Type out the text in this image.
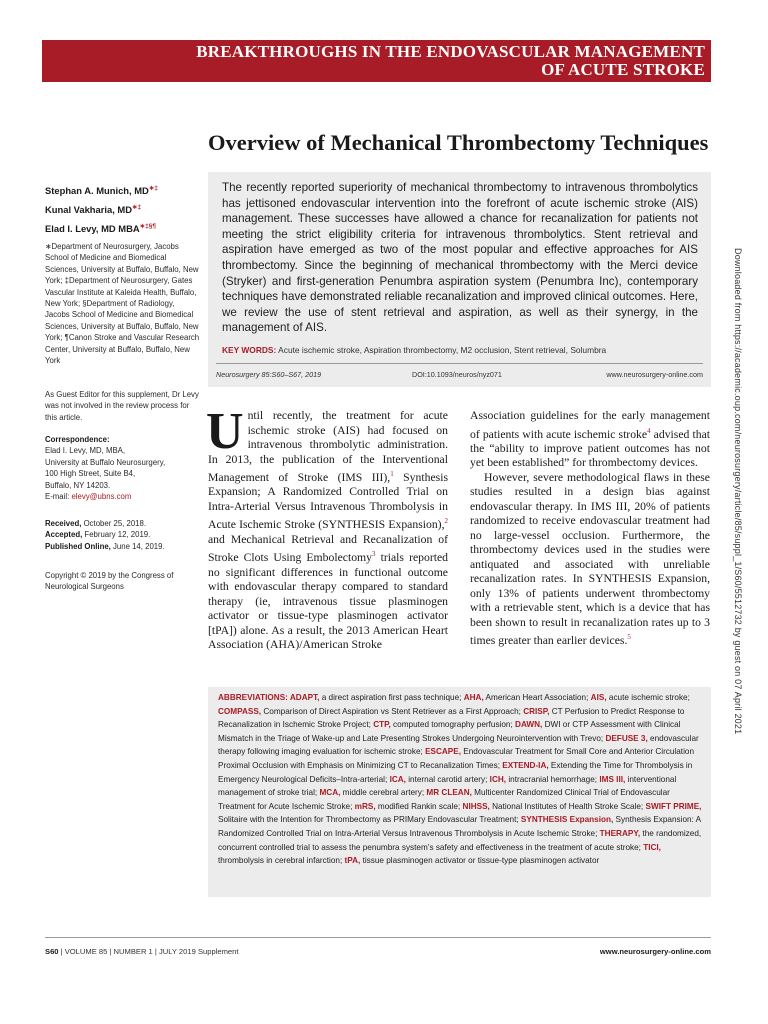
BREAKTHROUGHS IN THE ENDOVASCULAR MANAGEMENT
OF ACUTE STROKE
Overview of Mechanical Thrombectomy Techniques
Stephan A. Munich, MD∗‡
Kunal Vakharia, MD∗‡
Elad I. Levy, MD MBA∗‡§¶
∗Department of Neurosurgery, Jacobs School of Medicine and Biomedical Sciences, University at Buffalo, Buffalo, New York; ‡Department of Neurosurgery, Gates Vascular Institute at Kaleida Health, Buffalo, New York; §Department of Radiology, Jacobs School of Medicine and Biomedical Sciences, University at Buffalo, Buffalo, New York; ¶Canon Stroke and Vascular Research Center, University at Buffalo, Buffalo, New York
As Guest Editor for this supplement, Dr Levy was not involved in the review process for this article.
Correspondence:
Elad I. Levy, MD, MBA,
University at Buffalo Neurosurgery,
100 High Street, Suite B4,
Buffalo, NY 14203.
E-mail: elevy@ubns.com
Received, October 25, 2018.
Accepted, February 12, 2019.
Published Online, June 14, 2019.
Copyright © 2019 by the Congress of Neurological Surgeons
The recently reported superiority of mechanical thrombectomy to intravenous thrombolytics has jettisoned endovascular intervention into the forefront of acute ischemic stroke (AIS) management. These successes have allowed a chance for recanalization for patients not meeting the strict eligibility criteria for intravenous thrombolytics. Stent retrieval and aspiration have emerged as two of the most popular and effective approaches for AIS thrombectomy. Since the beginning of mechanical thrombectomy with the Merci device (Stryker) and first-generation Penumbra aspiration system (Penumbra Inc), contemporary techniques have demonstrated reliable recanalization and improved clinical outcomes. Here, we review the use of stent retrieval and aspiration, as well as their synergy, in the management of AIS.
KEY WORDS: Acute ischemic stroke, Aspiration thrombectomy, M2 occlusion, Stent retrieval, Solumbra
Neurosurgery 85:S60–S67, 2019	DOI:10.1093/neuros/nyz071	www.neurosurgery-online.com
Until recently, the treatment for acute ischemic stroke (AIS) had focused on intravenous thrombolytic administration. In 2013, the publication of the Interventional Management of Stroke (IMS III),$^1$ Synthesis Expansion; A Randomized Controlled Trial on Intra-Arterial Versus Intravenous Thrombolysis in Acute Ischemic Stroke (SYNTHESIS Expansion),$^2$ and Mechanical Retrieval and Recanalization of Stroke Clots Using Embolectomy$^3$ trials reported no significant differences in functional outcome with endovascular therapy compared to standard therapy (ie, intravenous tissue plasminogen activator or tissue-type plasminogen activator [tPA]) alone. As a result, the 2013 American Heart Association (AHA)/American Stroke

Association guidelines for the early management of patients with acute ischemic stroke$^4$ advised that the “ability to improve patient outcomes has not yet been established” for thrombectomy devices.

However, severe methodological flaws in these studies resulted in a design bias against endovascular therapy. In IMS III, 20% of patients randomized to receive endovascular treatment had no large-vessel occlusion. Furthermore, the thrombectomy devices used in the studies were antiquated and associated with unreliable recanalization rates. In SYNTHESIS Expansion, only 13% of patients underwent thrombectomy with a retrievable stent, which is a device that has been shown to result in recanalization rates up to 3 times greater than earlier devices.$^5$

ABBREVIATIONS: ADAPT, a direct aspiration first pass technique; AHA, American Heart Association; AIS, acute ischemic stroke; COMPASS, Comparison of Direct Aspiration vs Stent Retriever as a First Approach; CRISP, CT Perfusion to Predict Response to Recanalization in Ischemic Stroke Project; CTP, computed tomography perfusion; DAWN, DWI or CTP Assessment with Clinical Mismatch in the Triage of Wake-up and Late Presenting Strokes Undergoing Neurointervention with Trevo; DEFUSE 3, endovascular therapy following imaging evaluation for ischemic stroke; ESCAPE, Endovascular Treatment for Small Core and Anterior Circulation Proximal Occlusion with Emphasis on Minimizing CT to Recanalization Times; EXTEND-IA, Extending the Time for Thrombolysis in Emergency Neurological Deficits–Intra-arterial; ICA, internal carotid artery; ICH, intracranial hemorrhage; IMS III, interventional management of stroke trial; MCA, middle cerebral artery; MR CLEAN, Multicenter Randomized Clinical Trial of Endovascular Treatment for Acute Ischemic Stroke; mRS, modified Rankin scale; NIHSS, National Institutes of Health Stroke Scale; SWIFT PRIME, Solitaire with the Intention for Thrombectomy as PRIMary Endovascular Treatment; SYNTHESIS Expansion, Synthesis Expansion: A Randomized Controlled Trial on Intra-Arterial Versus Intravenous Thrombolysis in Acute Ischemic Stroke; THERAPY, the randomized, concurrent controlled trial to assess the penumbra system’s safety and effectiveness in the treatment of acute stroke; TICI, thrombolysis in cerebral infarction; tPA, tissue plasminogen activator or tissue-type plasminogen activator
S60 | VOLUME 85 | NUMBER 1 | JULY 2019 Supplement	www.neurosurgery-online.com
Downloaded from https://academic.oup.com/neurosurgery/article/85/suppl_1/S60/5512732 by guest on 07 April 2021
